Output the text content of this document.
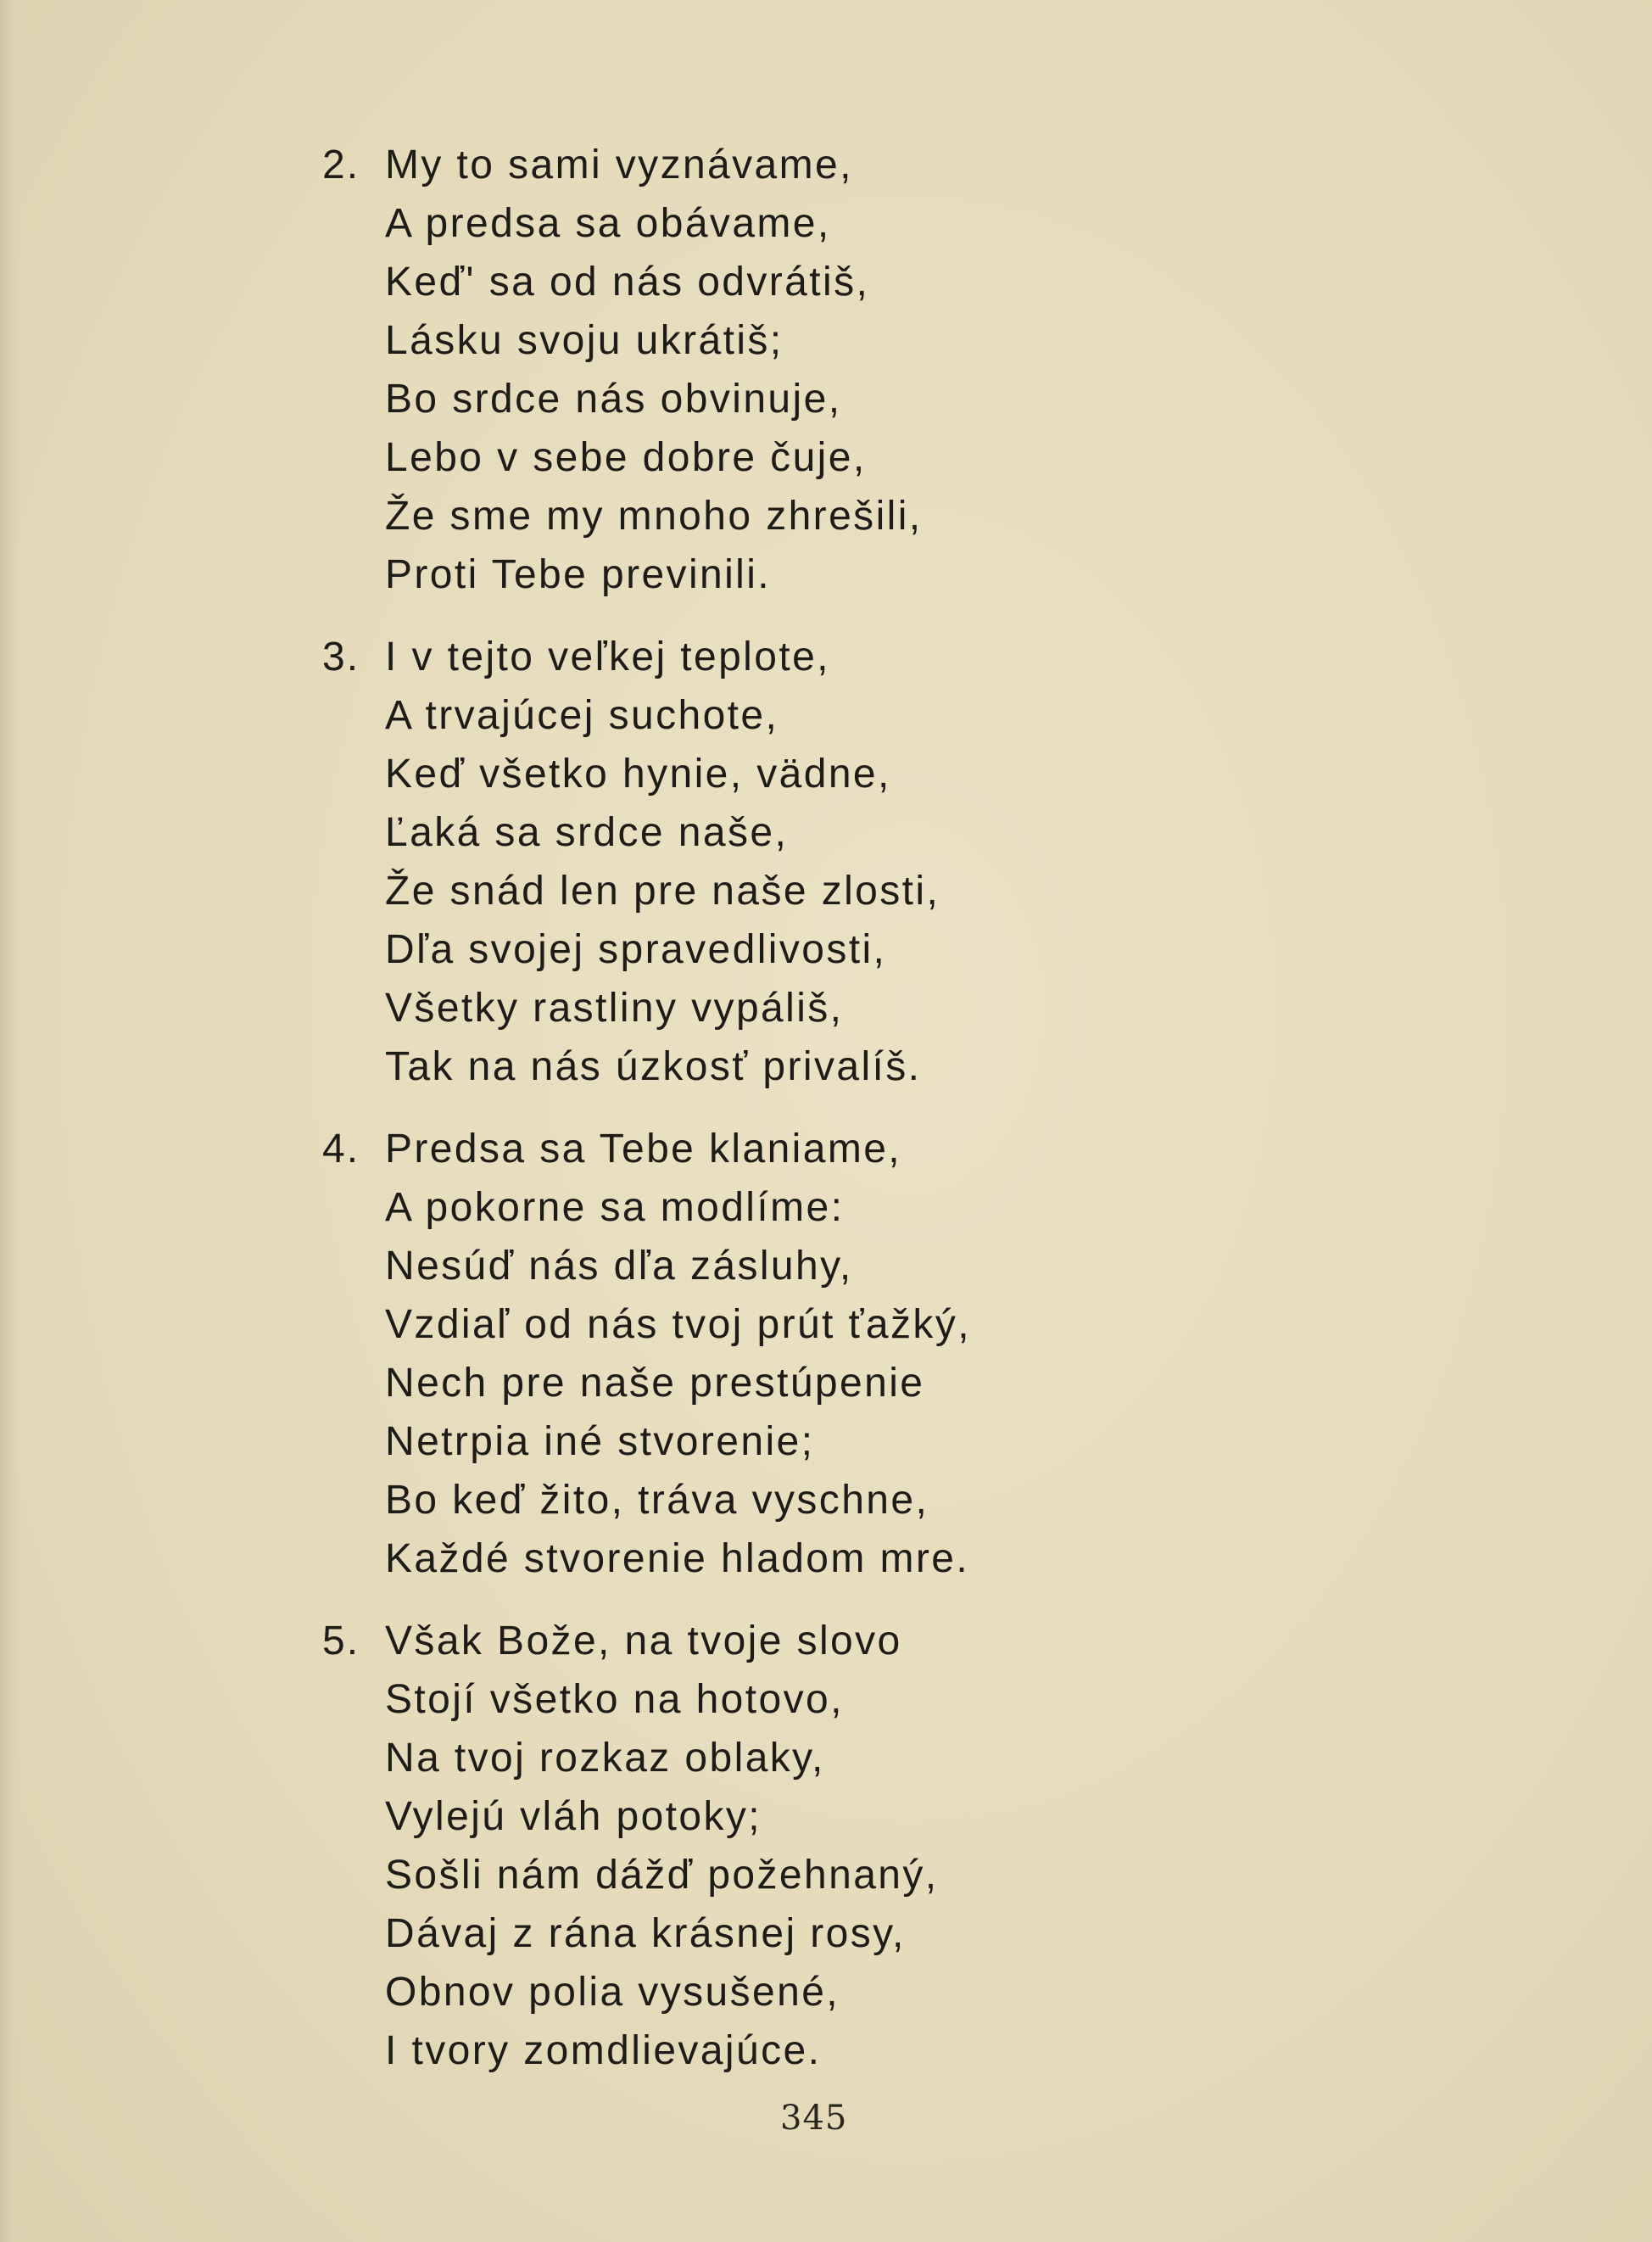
2. My to sami vyznávame,
A predsa sa obávame,
Keď' sa od nás odvrátiš,
Lásku svoju ukrátiš;
Bo srdce nás obvinuje,
Lebo v sebe dobre čuje,
Že sme my mnoho zhrešili,
Proti Tebe previnili.
3. I v tejto veľkej teplote,
A trvajúcej suchote,
Keď všetko hynie, vädne,
Ľaká sa srdce naše,
Že snád len pre naše zlosti,
Dľa svojej spravedlivosti,
Všetky rastliny vypáliš,
Tak na nás úzkosť privalíš.
4. Predsa sa Tebe klaniame,
A pokorne sa modlíme:
Nesúď nás dľa zásluhy,
Vzdiaľ od nás tvoj prút ťažký,
Nech pre naše prestúpenie
Netrpia iné stvorenie;
Bo keď žito, tráva vyschne,
Každé stvorenie hladom mre.
5. Však Bože, na tvoje slovo
Stojí všetko na hotovo,
Na tvoj rozkaz oblaky,
Vylejú vláh potoky;
Sošli nám dážď požehnaný,
Dávaj z rána krásnej rosy,
Obnov polia vysušené,
I tvory zomdlievajúce.
345
